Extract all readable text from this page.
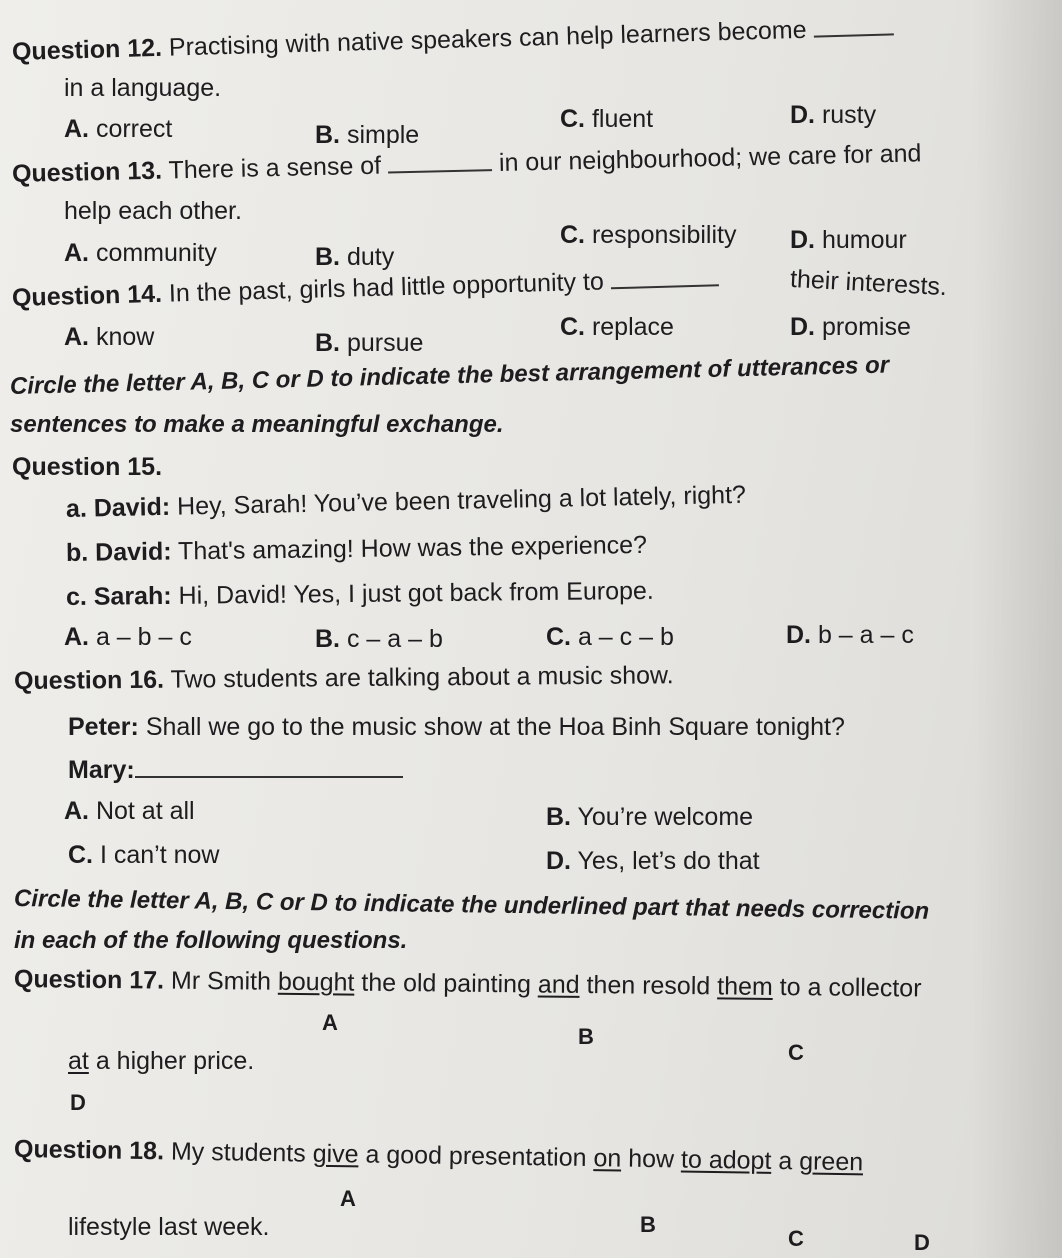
Question 12. Practising with native speakers can help learners become
in a language.
A. correct	B. simple
C. fluent	D. rusty
Question 13. There is a sense of	in our neighbourhood; we care for and
help each other.
A. community	B. duty
C. responsibility D. humour
Question 14. In the past, girls had little opportunity to	their interests.
A. know	B. pursue
C. replace	D. promise
Circle the letter A, B, C or D to indicate the best arrangement of utterances or
sentences to make a meaningful exchange.
Question 15.
a. David: Hey, Sarah! You’ve been traveling a lot lately, right?
b. David: That's amazing! How was the experience?
c. Sarah: Hi, David! Yes, I just got back from Europe.
A. a – b – c	B. c – a – b	C. a – c – b	D. b – a – c
Question 16. Two students are talking about a music show.
Peter: Shall we go to the music show at the Hoa Binh Square tonight?
Mary:
A. Not at all	B. You’re welcome
C. I can’t now	D. Yes, let’s do that
Circle the letter A, B, C or D to indicate the underlined part that needs correction
in each of the following questions.
Question 17. Mr Smith bought the old painting and then resold them to a collector
A
B
C
at a higher price.
D
Question 18. My students give a good presentation on how to adopt a green
A
lifestyle last week.	B
C	D
